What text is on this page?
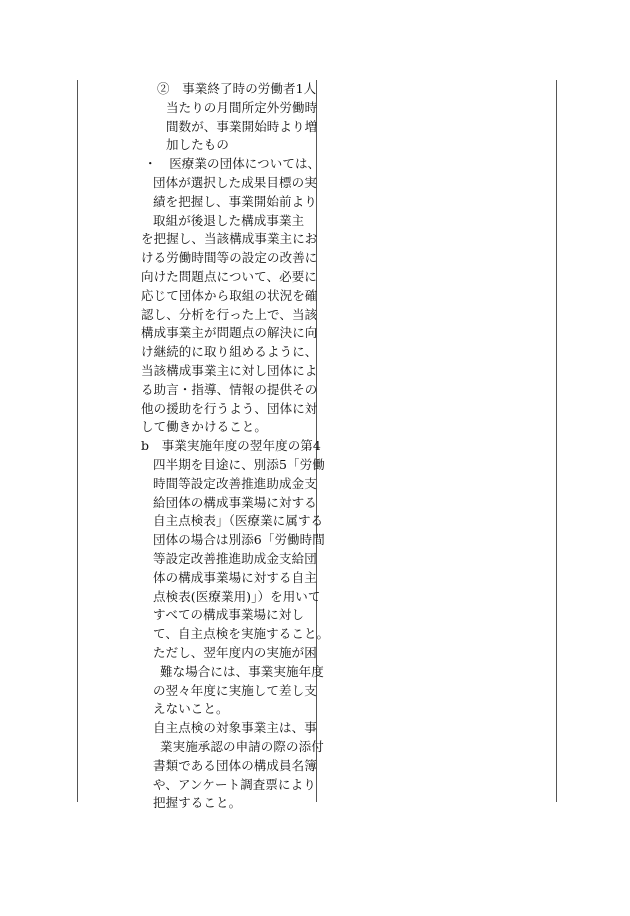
②　事業終了時の労働者1人
当たりの月間所定外労働時
間数が、事業開始時より増
加したもの
・　医療業の団体については、
団体が選択した成果目標の実
績を把握し、事業開始前より
取組が後退した構成事業主
を把握し、当該構成事業主にお
ける労働時間等の設定の改善に
向けた問題点について、必要に
応じて団体から取組の状況を確
認し、分析を行った上で、当該
構成事業主が問題点の解決に向
け継続的に取り組めるように、
当該構成事業主に対し団体によ
る助言・指導、情報の提供その
他の援助を行うよう、団体に対
して働きかけること。
b　事業実施年度の翌年度の第4
四半期を目途に、別添5「労働
時間等設定改善推進助成金支
給団体の構成事業場に対する
自主点検表」（医療業に属する
団体の場合は別添6「労働時間
等設定改善推進助成金支給団
体の構成事業場に対する自主
点検表(医療業用)」）を用いて
すべての構成事業場に対し
て、自主点検を実施すること。
ただし、翌年度内の実施が困
難な場合には、事業実施年度
の翌々年度に実施して差し支
えないこと。
自主点検の対象事業主は、事
業実施承認の申請の際の添付
書類である団体の構成員名簿
や、アンケート調査票により
把握すること。
